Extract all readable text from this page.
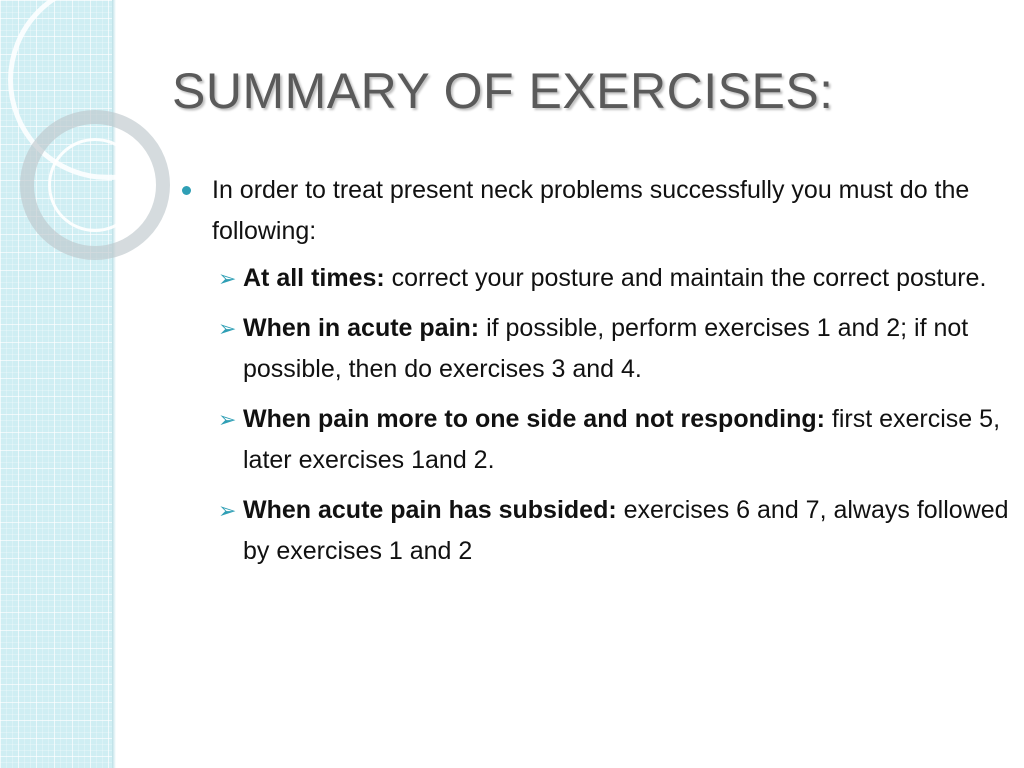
SUMMARY OF EXERCISES:
In order to treat present neck problems successfully you must do the following:
➢ At all times: correct your posture and maintain the correct posture.
➢ When in acute pain: if possible, perform exercises 1 and 2; if not possible, then do exercises 3 and 4.
➢ When pain more to one side and not responding: first exercise 5, later exercises 1and 2.
➢ When acute pain has subsided: exercises 6 and 7, always followed by exercises 1 and 2
